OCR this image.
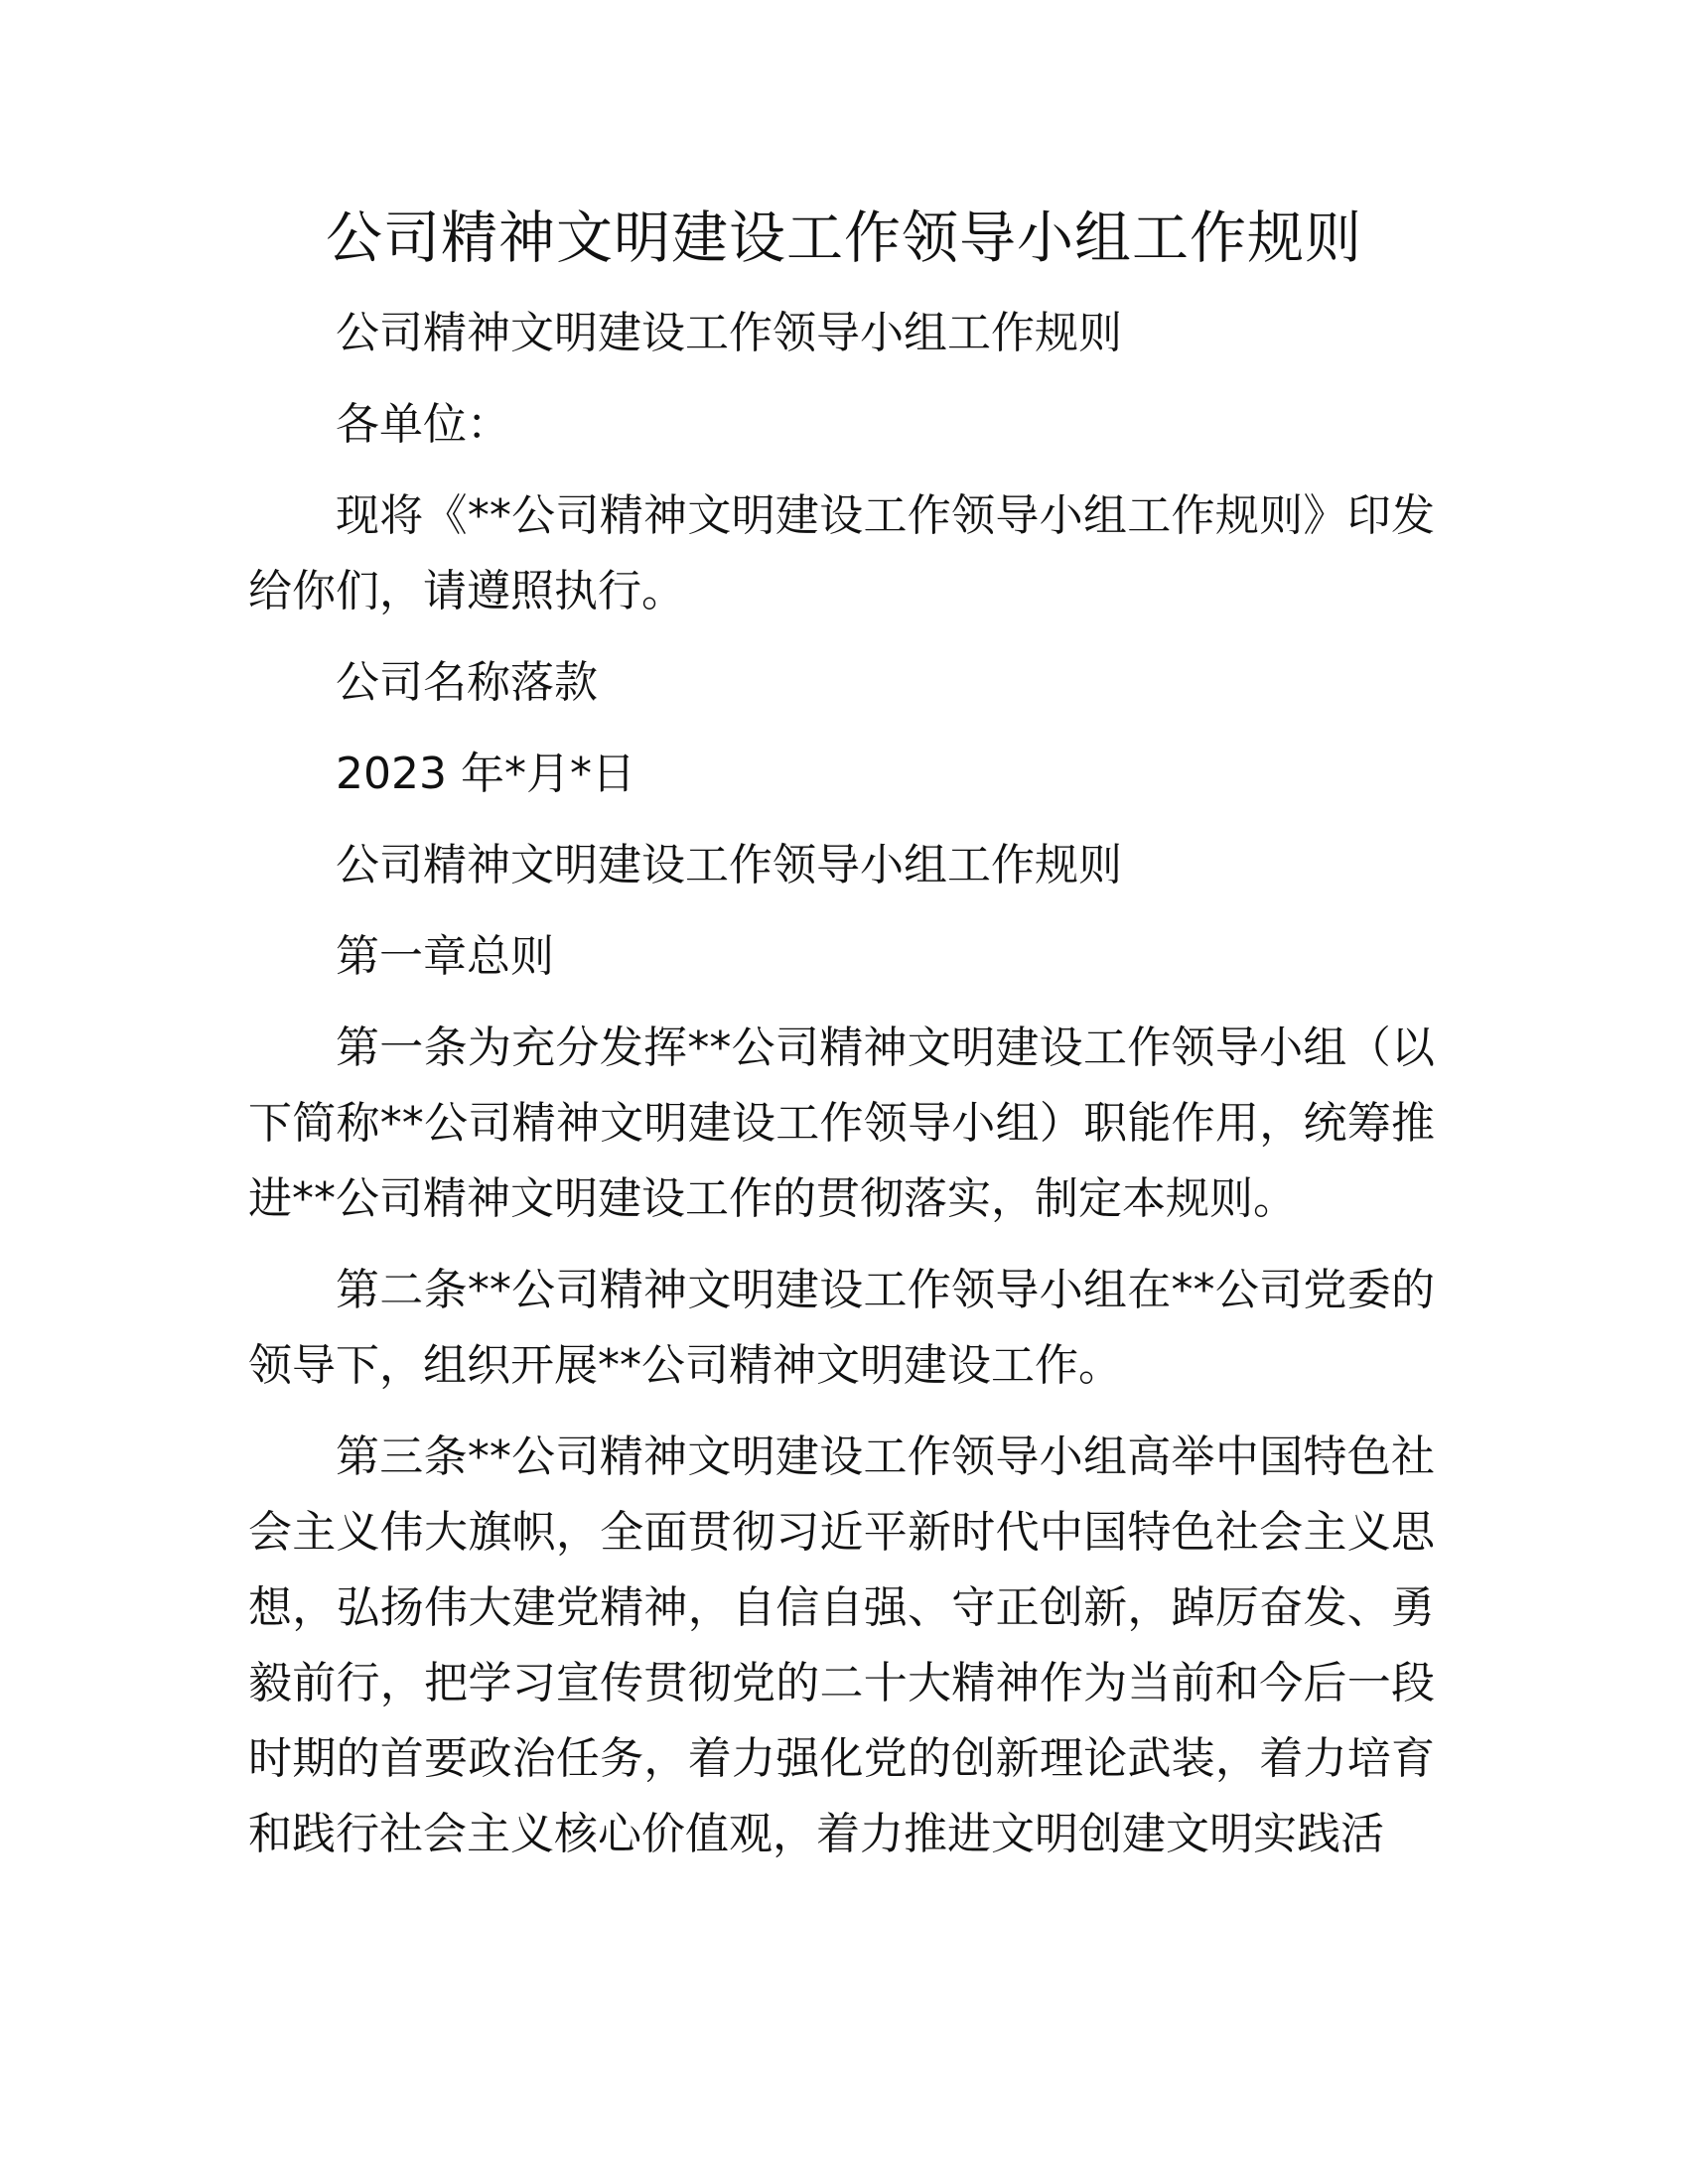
公司精神文明建设工作领导小组工作规则

公司精神文明建设工作领导小组工作规则

各单位：

现将《**公司精神文明建设工作领导小组工作规则》印发给你们，请遵照执行。

公司名称落款

2023 年*月*日

公司精神文明建设工作领导小组工作规则

第一章总则

第一条为充分发挥**公司精神文明建设工作领导小组（以下简称**公司精神文明建设工作领导小组）职能作用，统筹推进**公司精神文明建设工作的贯彻落实，制定本规则。

第二条**公司精神文明建设工作领导小组在**公司党委的领导下，组织开展**公司精神文明建设工作。

第三条**公司精神文明建设工作领导小组高举中国特色社会主义伟大旗帜，全面贯彻习近平新时代中国特色社会主义思想，弘扬伟大建党精神，自信自强、守正创新，踔厉奋发、勇毅前行，把学习宣传贯彻党的二十大精神作为当前和今后一段时期的首要政治任务，着力强化党的创新理论武装，着力培育和践行社会主义核心价值观，着力推进文明创建文明实践活
